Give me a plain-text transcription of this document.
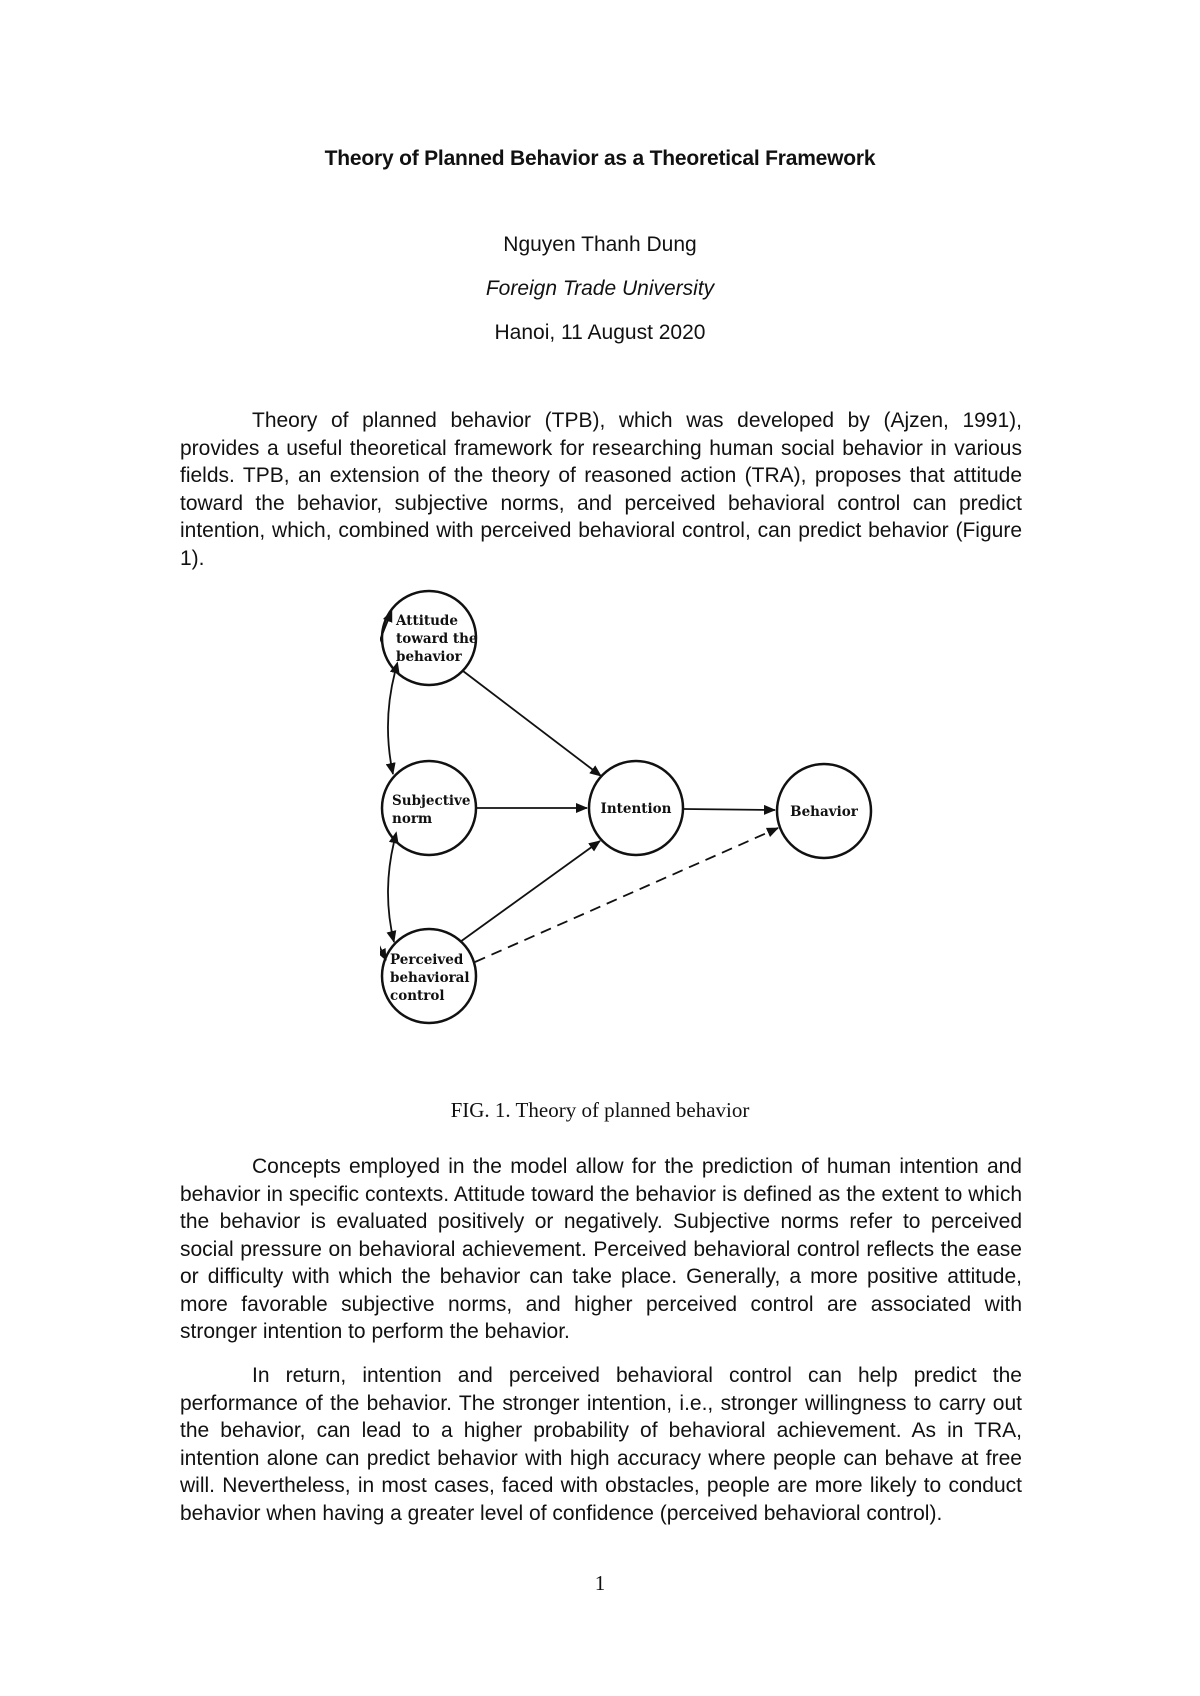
Theory of Planned Behavior as a Theoretical Framework
Nguyen Thanh Dung
Foreign Trade University
Hanoi, 11 August 2020

Theory of planned behavior (TPB), which was developed by (Ajzen, 1991), provides a useful theoretical framework for researching human social behavior in various fields. TPB, an extension of the theory of reasoned action (TRA), proposes that attitude toward the behavior, subjective norms, and perceived behavioral control can predict intention, which, combined with perceived behavioral control, can predict behavior (Figure 1).

Attitude toward the behavior
Subjective norm
Perceived behavioral control
Intention	Behavior
FIG. 1. Theory of planned behavior

Concepts employed in the model allow for the prediction of human intention and behavior in specific contexts. Attitude toward the behavior is defined as the extent to which the behavior is evaluated positively or negatively. Subjective norms refer to perceived social pressure on behavioral achievement. Perceived behavioral control reflects the ease or difficulty with which the behavior can take place. Generally, a more positive attitude, more favorable subjective norms, and higher perceived control are associated with stronger intention to perform the behavior.

In return, intention and perceived behavioral control can help predict the performance of the behavior. The stronger intention, i.e., stronger willingness to carry out the behavior, can lead to a higher probability of behavioral achievement. As in TRA, intention alone can predict behavior with high accuracy where people can behave at free will. Nevertheless, in most cases, faced with obstacles, people are more likely to conduct behavior when having a greater level of confidence (perceived behavioral control).

1
